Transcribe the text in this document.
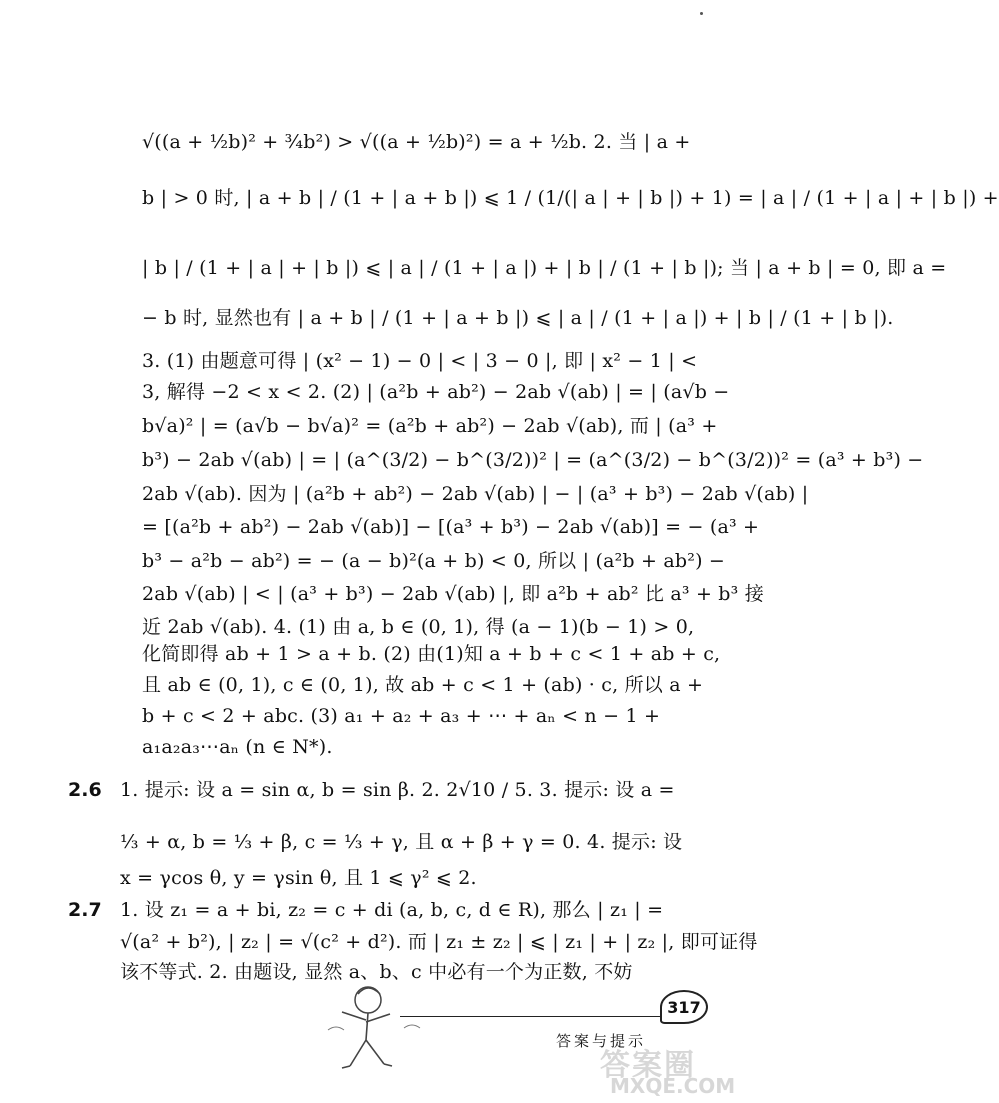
√((a + ½b)² + ¾b²) > √((a + ½b)²) = a + ½b. 2. 当 | a +
b | > 0 时, | a + b | / (1 + | a + b |) ⩽ 1 / (1/(| a | + | b |) + 1) = | a | / (1 + | a | + | b |) +
| b | / (1 + | a | + | b |) ⩽ | a | / (1 + | a |) + | b | / (1 + | b |); 当 | a + b | = 0, 即 a =
− b 时, 显然也有 | a + b | / (1 + | a + b |) ⩽ | a | / (1 + | a |) + | b | / (1 + | b |).
3. (1) 由题意可得 | (x² − 1) − 0 | < | 3 − 0 |, 即 | x² − 1 | <
3, 解得 −2 < x < 2. (2) | (a²b + ab²) − 2ab √(ab) | = | (a√b −
b√a)² | = (a√b − b√a)² = (a²b + ab²) − 2ab √(ab), 而 | (a³ +
b³) − 2ab √(ab) | = | (a^(3/2) − b^(3/2))² | = (a^(3/2) − b^(3/2))² = (a³ + b³) −
2ab √(ab). 因为 | (a²b + ab²) − 2ab √(ab) | − | (a³ + b³) − 2ab √(ab) |
= [(a²b + ab²) − 2ab √(ab)] − [(a³ + b³) − 2ab √(ab)] = − (a³ +
b³ − a²b − ab²) = − (a − b)²(a + b) < 0, 所以 | (a²b + ab²) −
2ab √(ab) | < | (a³ + b³) − 2ab √(ab) |, 即 a²b + ab² 比 a³ + b³ 接
近 2ab √(ab). 4. (1) 由 a, b ∈ (0, 1), 得 (a − 1)(b − 1) > 0,
化简即得 ab + 1 > a + b. (2) 由(1)知 a + b + c < 1 + ab + c,
且 ab ∈ (0, 1), c ∈ (0, 1), 故 ab + c < 1 + (ab) · c, 所以 a +
b + c < 2 + abc. (3) a₁ + a₂ + a₃ + ⋯ + aₙ < n − 1 +
a₁a₂a₃⋯aₙ (n ∈ N*).
2.6 1. 提示: 设 a = sin α, b = sin β. 2. 2√10 / 5. 3. 提示: 设 a =
⅓ + α, b = ⅓ + β, c = ⅓ + γ, 且 α + β + γ = 0. 4. 提示: 设
x = γcos θ, y = γsin θ, 且 1 ⩽ γ² ⩽ 2.
2.7 1. 设 z₁ = a + bi, z₂ = c + di (a, b, c, d ∈ R), 那么 | z₁ | =
√(a² + b²), | z₂ | = √(c² + d²). 而 | z₁ ± z₂ | ⩽ | z₁ | + | z₂ |, 即可证得
该不等式. 2. 由题设, 显然 a、b、c 中必有一个为正数, 不妨
317
答案与提示
答案圈
MXQE.COM
